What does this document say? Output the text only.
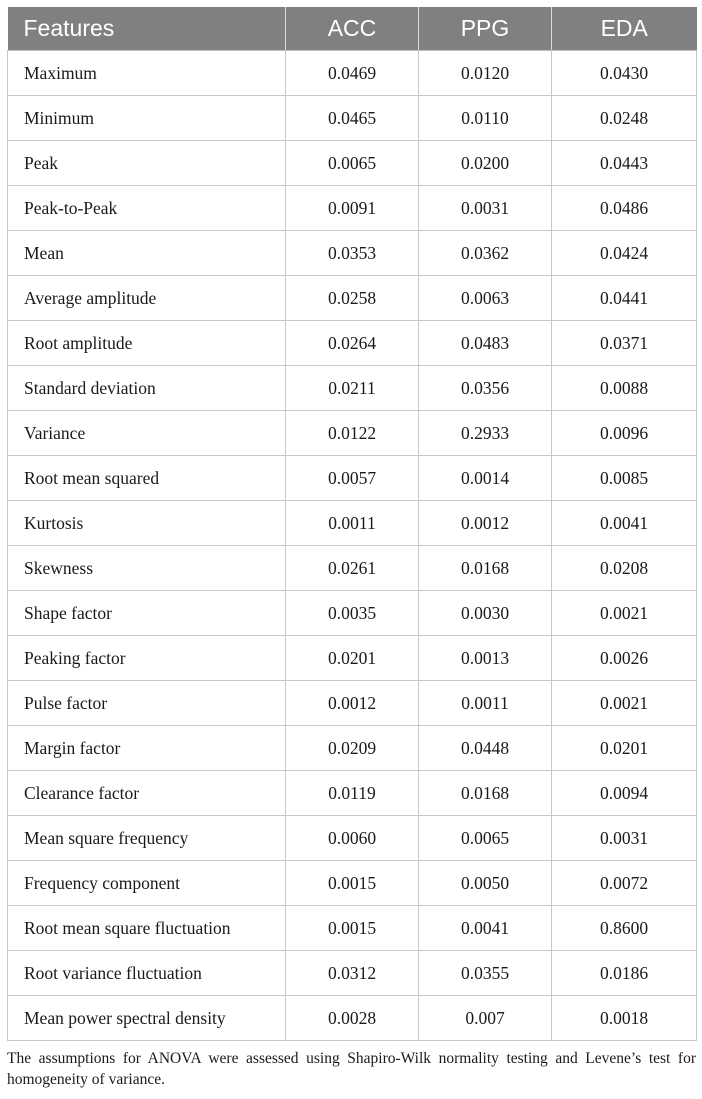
Features	ACC	PPG	EDA
Maximum	0.0469	0.0120	0.0430
Minimum	0.0465	0.0110	0.0248
Peak	0.0065	0.0200	0.0443
Peak-to-Peak	0.0091	0.0031	0.0486
Mean	0.0353	0.0362	0.0424
Average amplitude	0.0258	0.0063	0.0441
Root amplitude	0.0264	0.0483	0.0371
Standard deviation	0.0211	0.0356	0.0088
Variance	0.0122	0.2933	0.0096
Root mean squared	0.0057	0.0014	0.0085
Kurtosis	0.0011	0.0012	0.0041
Skewness	0.0261	0.0168	0.0208
Shape factor	0.0035	0.0030	0.0021
Peaking factor	0.0201	0.0013	0.0026
Pulse factor	0.0012	0.0011	0.0021
Margin factor	0.0209	0.0448	0.0201
Clearance factor	0.0119	0.0168	0.0094
Mean square frequency	0.0060	0.0065	0.0031
Frequency component	0.0015	0.0050	0.0072
Root mean square fluctuation	0.0015	0.0041	0.8600
Root variance fluctuation	0.0312	0.0355	0.0186
Mean power spectral density	0.0028	0.007	0.0018

The assumptions for ANOVA were assessed using Shapiro-Wilk normality testing and Levene’s test for homogeneity of variance.
